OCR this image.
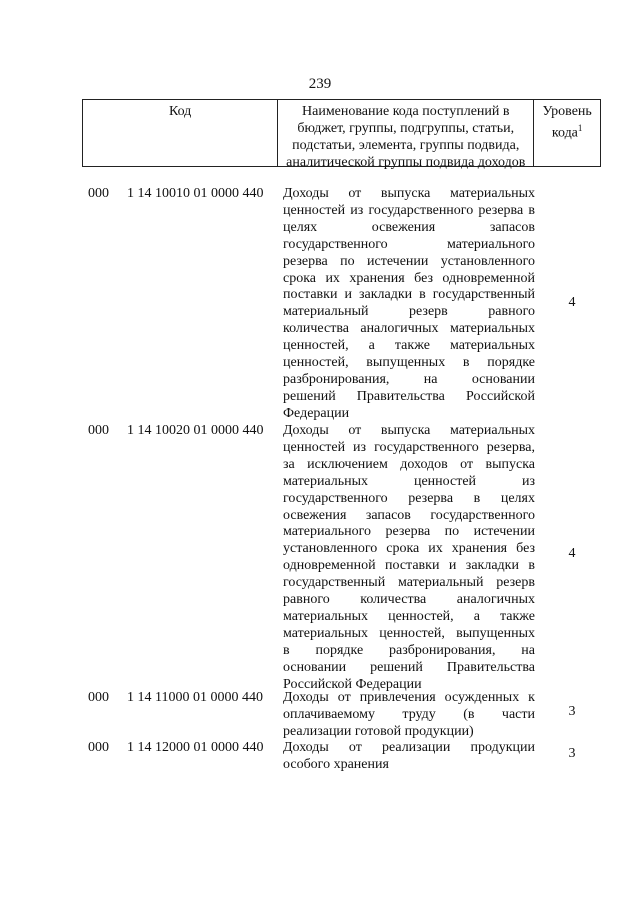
239
Код	Наименование кода поступлений в
бюджет, группы, подгруппы, статьи,
подстатьи, элемента, группы подвида,
аналитической группы подвида доходов
Уровень
кода$^1$
000	1 14 10010 01 0000 440	Доходы от выпуска материальных
ценностей из государственного резерва в
целях освежения запасов
государственного материального
резерва по истечении установленного
срока их хранения без одновременной
поставки и закладки в государственный
материальный резерв равного
количества аналогичных материальных
ценностей, а также материальных
ценностей, выпущенных в порядке
разбронирования, на основании
решений Правительства Российской
Федерации
4
000	1 14 10020 01 0000 440	Доходы от выпуска материальных
ценностей из государственного резерва,
за исключением доходов от выпуска
материальных ценностей из
государственного резерва в целях
освежения запасов государственного
материального резерва по истечении
установленного срока их хранения без
одновременной поставки и закладки в
государственный материальный резерв
равного количества аналогичных
материальных ценностей, а также
материальных ценностей, выпущенных
в порядке разбронирования, на
основании решений Правительства
Российской Федерации
4
000	1 14 11000 01 0000 440	Доходы от привлечения осужденных к
оплачиваемому труду (в части
реализации готовой продукции)
3
000	1 14 12000 01 0000 440	Доходы от реализации продукции
особого хранения
3
